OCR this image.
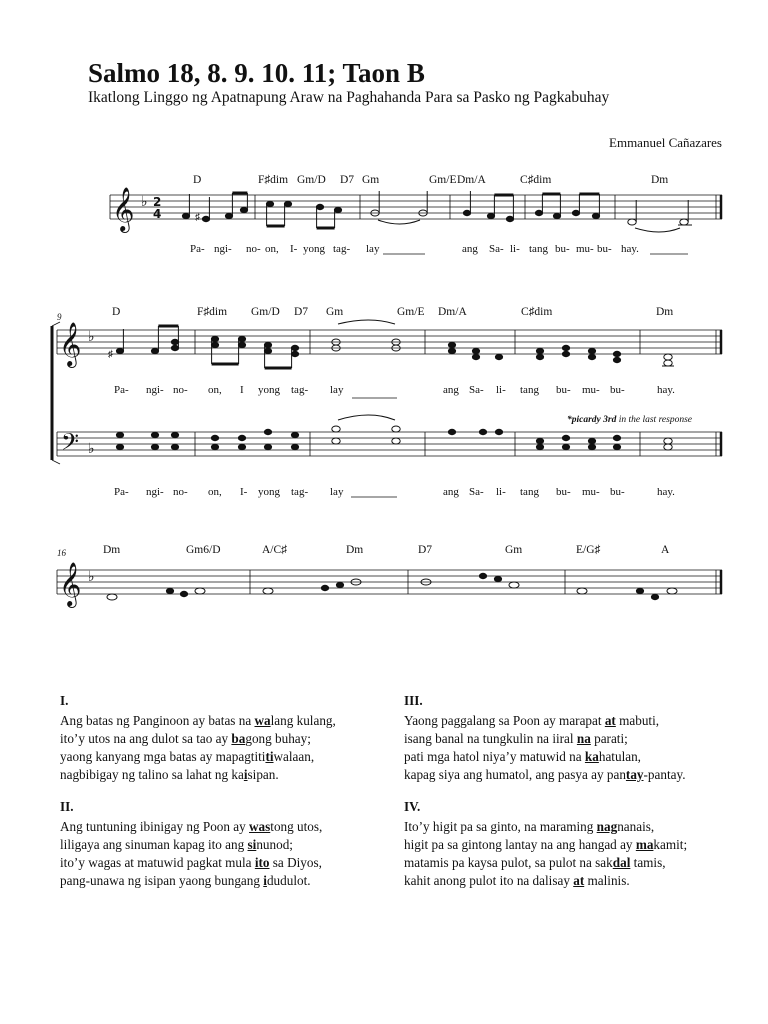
Salmo 18, 8. 9. 10. 11; Taon B
Ikatlong Linggo ng Apatnapung Araw na Paghahanda Para sa Pasko ng Pagkabuhay
Emmanuel Cañazares
𝄞 ♭ 2
4
𝄞 ♭
𝄢 ♭
𝄞 ♭
♯
♯
D	F♯dim Gm/D D7 Gm	Gm/E Dm/A	C♯dim	Dm
Pa- ngi- no- on, I- yong tag- lay	ang Sa- li- tang bu- mu- bu- hay.
9	D	F♯dim Gm/D D7 Gm	Gm/E Dm/A	C♯dim	Dm
Pa- ngi- no- on, I yong tag- lay	ang Sa- li- tang bu- mu- bu-	hay.
*picardy 3rd in the last response
Pa- ngi- no- on, I- yong tag- lay	ang Sa- li- tang bu- mu- bu-	hay.
16	Dm	Gm6/D	A/C♯	Dm	D7	Gm	E/G♯	A
I.
Ang batas ng Panginoon ay batas na walang kulang,
ito’y utos na ang dulot sa tao ay bagong buhay;
yaong kanyang mga batas ay mapagtititiwalaan,
nagbibigay ng talino sa lahat ng kaisipan.
II.
Ang tuntuning ibinigay ng Poon ay wastong utos,
liligaya ang sinuman kapag ito ang sinunod;
ito’y wagas at matuwid pagkat mula ito sa Diyos,
pang-unawa ng isipan yaong bungang idudulot.
III.
Yaong paggalang sa Poon ay marapat at mabuti,
isang banal na tungkulin na iiral na parati;
pati mga hatol niya’y matuwid na kahatulan,
kapag siya ang humatol, ang pasya ay pantay-pantay.
IV.
Ito’y higit pa sa ginto, na maraming nagnanais,
higit pa sa gintong lantay na ang hangad ay makamit;
matamis pa kaysa pulot, sa pulot na sakdal tamis,
kahit anong pulot ito na dalisay at malinis.
